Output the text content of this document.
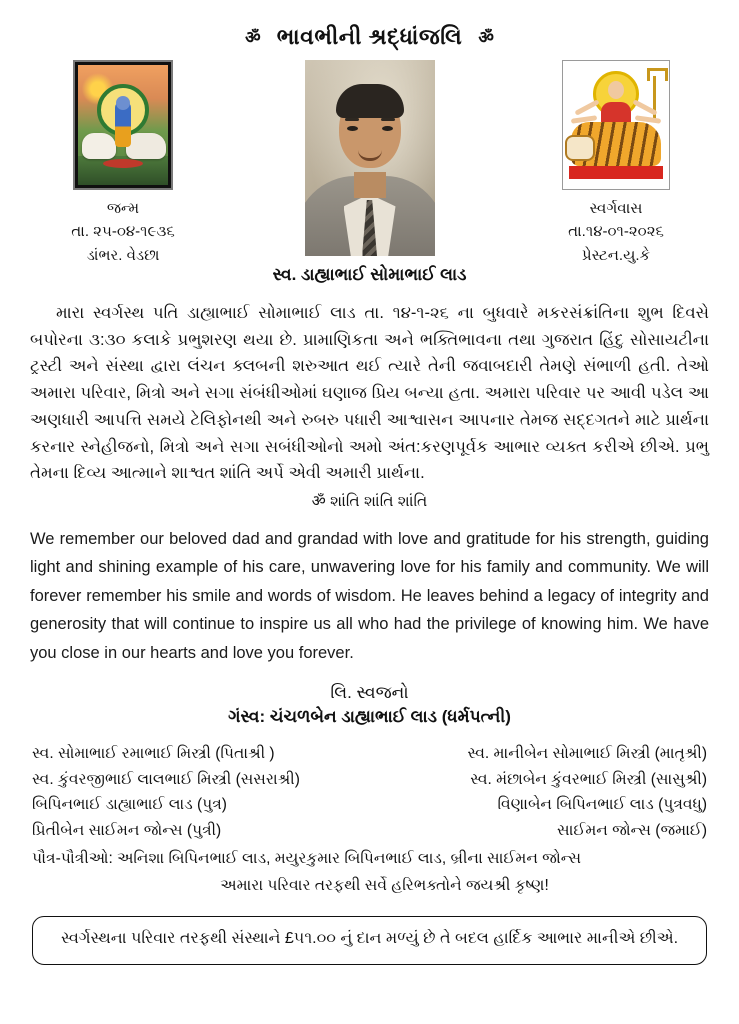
ॐ ભાવભીની શ્રદ્ધાંજલિ ॐ
જન્મ
તા. ૨૫-૦૪-૧૯૩૬
ડાંભર. વેડછા
સ્વ. ડાહ્યાભાઈ સોમાભાઈ લાડ
સ્વર્ગવાસ
તા.૧૪-૦૧-૨૦૨૬
પ્રેસ્ટન.યુ.કે
મારા સ્વર્ગસ્થ પતિ ડાહ્યાભાઈ સોમાભાઈ લાડ તા. ૧૪-૧-૨૬ ના બુધવારે મકરસંક્રાંતિના શુભ દિવસે બપોરના ૩:૩૦ કલાકે પ્રભુશરણ થયા છે. પ્રામાણિકતા અને ભક્તિભાવના તથા ગુજરાત હિંદુ સોસાયટીના ટ્રસ્ટી અને સંસ્થા દ્વારા લંચન ક્લબની શરુઆત થઈ ત્યારે તેની જવાબદારી તેમણે સંભાળી હતી. તેઓ અમારા પરિવાર, મિત્રો અને સગા સંબંધીઓમાં ઘણાજ પ્રિય બન્યા હતા. અમારા પરિવાર પર આવી પડેલ આ અણધારી આપત્તિ સમયે ટેલિફોનથી અને રુબરુ પધારી આશ્વાસન આપનાર તેમજ સદ્દગતને માટે પ્રાર્થના કરનાર સ્નેહીજનો, મિત્રો અને સગા સબંધીઓનો અમો અંત:કરણપૂર્વક આભાર વ્યક્ત કરીએ છીએ. પ્રભુ તેમના દિવ્ય આત્માને શાશ્વત શાંતિ અર્પે એવી અમારી પ્રાર્થના.
ॐ શાંતિ શાંતિ શાંતિ
We remember our beloved dad and grandad with love and gratitude for his strength, guiding light and shining example of his care, unwavering love for his family and community. We will forever remember his smile and words of wisdom. He leaves behind a legacy of integrity and generosity that will continue to inspire us all who had the privilege of knowing him. We have you close in our hearts and love you forever.
લિ. સ્વજનો
ગંસ્વ: ચંચળબેન ડાહ્યાભાઈ લાડ (ધર્મપત્ની)
સ્વ. સોમાભાઈ રમાભાઈ મિસ્ત્રી (પિતાશ્રી )	સ્વ. માનીબેન સોમાભાઈ મિસ્ત્રી (માતૃશ્રી)
સ્વ. કુંવરજીભાઈ લાલભાઈ મિસ્ત્રી (સસરાશ્રી)	સ્વ. મંછાબેન કુંવરભાઈ મિસ્ત્રી (સાસુશ્રી)
બિપિનભાઈ ડાહ્યાભાઈ લાડ (પુત્ર)	વિણાબેન બિપિનભાઈ લાડ (પુત્રવધુ)
પ્રિતીબેન સાઈમન જોન્સ (પુત્રી)	સાઈમન જોન્સ (જમાઈ)
પૌત્ર-પૌત્રીઓ: અનિશા બિપિનભાઈ લાડ, મયુરકુમાર બિપિનભાઈ લાડ, બ્રીના સાઈમન જોન્સ
અમારા પરિવાર તરફથી સર્વે હરિભક્તોને જયશ્રી કૃષ્ણ!
સ્વર્ગસ્થના પરિવાર તરફથી સંસ્થાને £૫૧.૦૦ નું દાન મળ્યું છે તે બદલ હાર્દિક આભાર માનીએ છીએ.
